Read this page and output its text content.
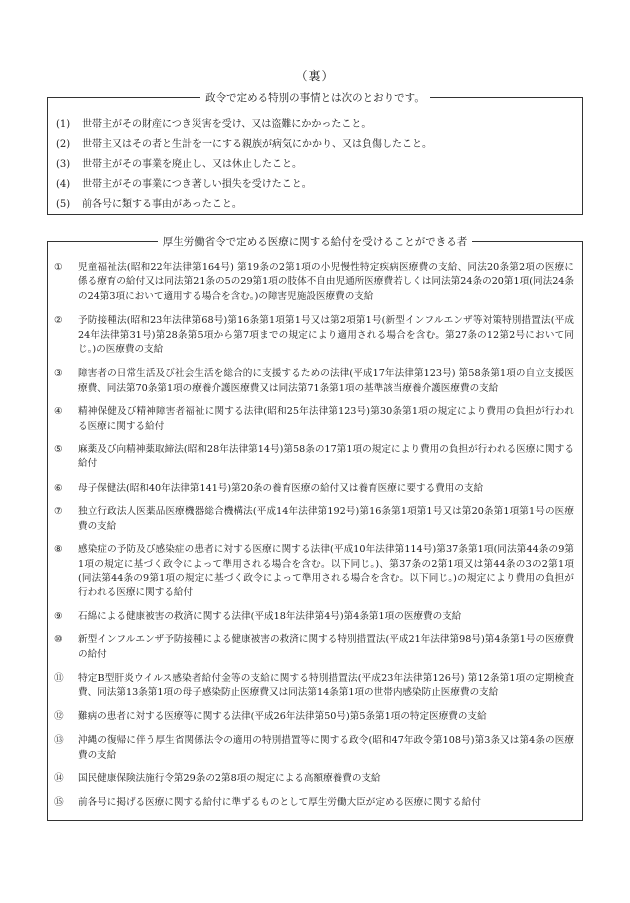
（裏）
政令で定める特別の事情とは次のとおりです。
(1)	世帯主がその財産につき災害を受け、又は盗難にかかったこと。
(2)	世帯主又はその者と生計を一にする親族が病気にかかり、又は負傷したこと。
(3)	世帯主がその事業を廃止し、又は休止したこと。
(4)	世帯主がその事業につき著しい損失を受けたこと。
(5)	前各号に類する事由があったこと。
厚生労働省令で定める医療に関する給付を受けることができる者
①	児童福祉法(昭和22年法律第164号) 第19条の2第1項の小児慢性特定疾病医療費の支給、同法20条第2項の医療に係る療育の給付又は同法第21条の5の29第1項の肢体不自由児通所医療費若しくは同法第24条の20第1項(同法24条の24第3項において適用する場合を含む。)の障害児施設医療費の支給
②	予防接種法(昭和23年法律第68号)第16条第1項第1号又は第2項第1号(新型インフルエンザ等対策特別措置法(平成24年法律第31号)第28条第5項から第7項までの規定により適用される場合を含む。第27条の12第2号において同じ。)の医療費の支給
③	障害者の日常生活及び社会生活を総合的に支援するための法律(平成17年法律第123号) 第58条第1項の自立支援医療費、同法第70条第1項の療養介護医療費又は同法第71条第1項の基準該当療養介護医療費の支給
④	精神保健及び精神障害者福祉に関する法律(昭和25年法律第123号)第30条第1項の規定により費用の負担が行われる医療に関する給付
⑤	麻薬及び向精神薬取締法(昭和28年法律第14号)第58条の17第1項の規定により費用の負担が行われる医療に関する給付
⑥	母子保健法(昭和40年法律第141号)第20条の養育医療の給付又は養育医療に要する費用の支給
⑦	独立行政法人医薬品医療機器総合機構法(平成14年法律第192号)第16条第1項第1号又は第20条第1項第1号の医療費の支給
⑧	感染症の予防及び感染症の患者に対する医療に関する法律(平成10年法律第114号)第37条第1項(同法第44条の9第1項の規定に基づく政令によって準用される場合を含む。以下同じ。)、第37条の2第1項又は第44条の3の2第1項 (同法第44条の9第1項の規定に基づく政令によって準用される場合を含む。以下同じ。)の規定により費用の負担が行われる医療に関する給付
⑨	石綿による健康被害の救済に関する法律(平成18年法律第4号)第4条第1項の医療費の支給
⑩	新型インフルエンザ予防接種による健康被害の救済に関する特別措置法(平成21年法律第98号)第4条第1号の医療費の給付
⑪	特定B型肝炎ウイルス感染者給付金等の支給に関する特別措置法(平成23年法律第126号) 第12条第1項の定期検査費、同法第13条第1項の母子感染防止医療費又は同法第14条第1項の世帯内感染防止医療費の支給
⑫	難病の患者に対する医療等に関する法律(平成26年法律第50号)第5条第1項の特定医療費の支給
⑬	沖縄の復帰に伴う厚生省関係法令の適用の特別措置等に関する政令(昭和47年政令第108号)第3条又は第4条の医療費の支給
⑭	国民健康保険法施行令第29条の2第8項の規定による高額療養費の支給
⑮	前各号に掲げる医療に関する給付に準ずるものとして厚生労働大臣が定める医療に関する給付
